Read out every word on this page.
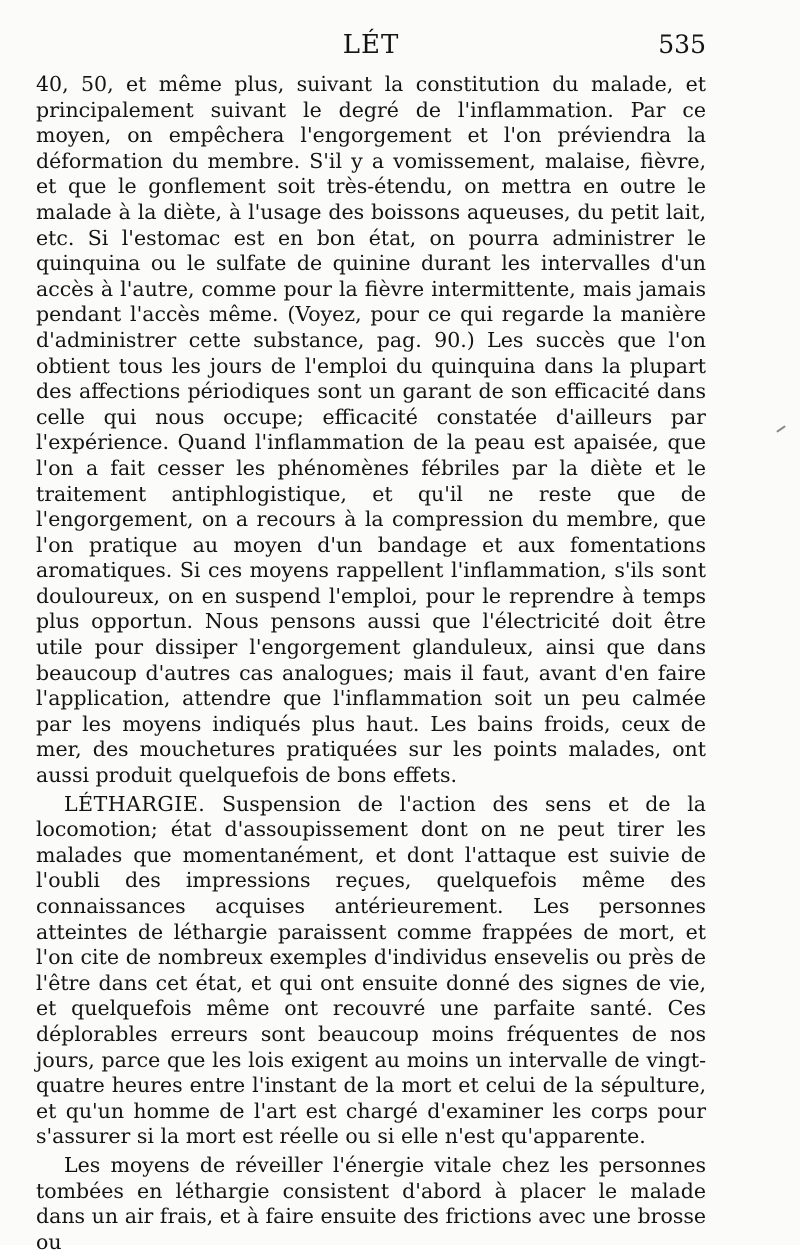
LÉT	535

40, 50, et même plus, suivant la constitution du malade, et principalement suivant le degré de l'inflammation. Par ce moyen, on empêchera l'engorgement et l'on préviendra la déformation du membre. S'il y a vomissement, malaise, fièvre, et que le gonflement soit très-étendu, on mettra en outre le malade à la diète, à l'usage des boissons aqueuses, du petit lait, etc. Si l'estomac est en bon état, on pourra administrer le quinquina ou le sulfate de quinine durant les intervalles d'un accès à l'autre, comme pour la fièvre intermittente, mais jamais pendant l'accès même. (Voyez, pour ce qui regarde la manière d'administrer cette substance, pag. 90.) Les succès que l'on obtient tous les jours de l'emploi du quinquina dans la plupart des affections périodiques sont un garant de son efficacité dans celle qui nous occupe; efficacité constatée d'ailleurs par l'expérience. Quand l'inflammation de la peau est apaisée, que l'on a fait cesser les phénomènes fébriles par la diète et le traitement antiphlogistique, et qu'il ne reste que de l'engorgement, on a recours à la compression du membre, que l'on pratique au moyen d'un bandage et aux fomentations aromatiques. Si ces moyens rappellent l'inflammation, s'ils sont douloureux, on en suspend l'emploi, pour le reprendre à temps plus opportun. Nous pensons aussi que l'électricité doit être utile pour dissiper l'engorgement glanduleux, ainsi que dans beaucoup d'autres cas analogues; mais il faut, avant d'en faire l'application, attendre que l'inflammation soit un peu calmée par les moyens indiqués plus haut. Les bains froids, ceux de mer, des mouchetures pratiquées sur les points malades, ont aussi produit quelquefois de bons effets.

LÉTHARGIE. Suspension de l'action des sens et de la locomotion; état d'assoupissement dont on ne peut tirer les malades que momentanément, et dont l'attaque est suivie de l'oubli des impressions reçues, quelquefois même des connaissances acquises antérieurement. Les personnes atteintes de léthargie paraissent comme frappées de mort, et l'on cite de nombreux exemples d'individus ensevelis ou près de l'être dans cet état, et qui ont ensuite donné des signes de vie, et quelquefois même ont recouvré une parfaite santé. Ces déplorables erreurs sont beaucoup moins fréquentes de nos jours, parce que les lois exigent au moins un intervalle de vingt-quatre heures entre l'instant de la mort et celui de la sépulture, et qu'un homme de l'art est chargé d'examiner les corps pour s'assurer si la mort est réelle ou si elle n'est qu'apparente.

Les moyens de réveiller l'énergie vitale chez les personnes tombées en léthargie consistent d'abord à placer le malade dans un air frais, et à faire ensuite des frictions avec une brosse ou
